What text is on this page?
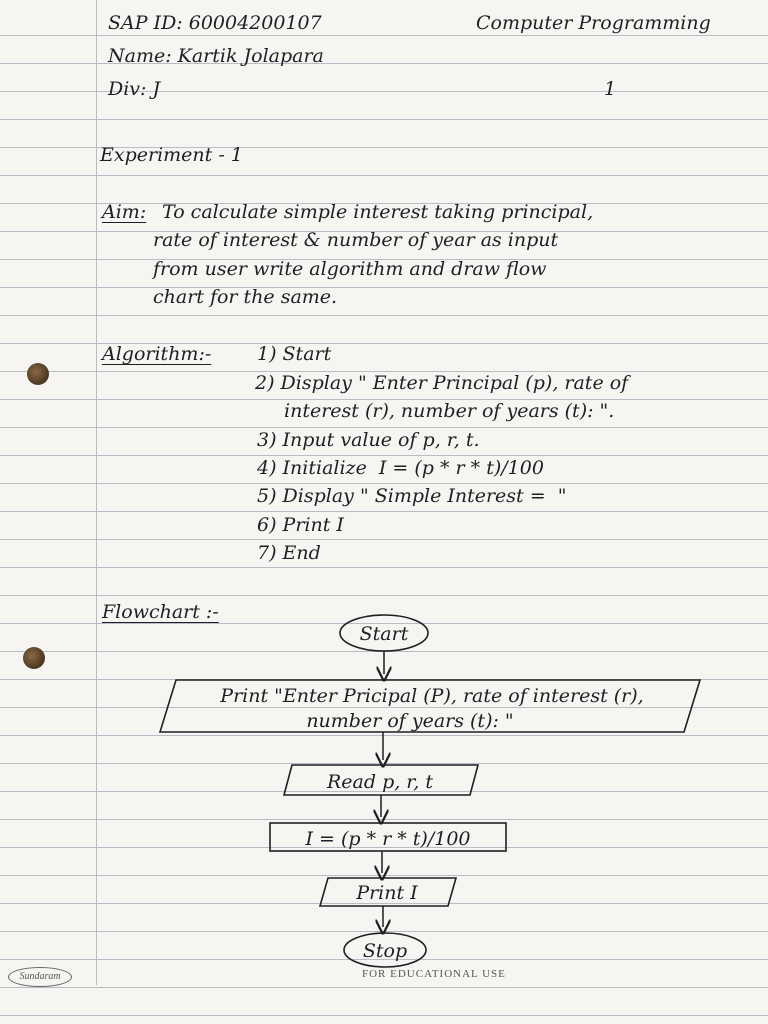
SAP ID: 60004200107	Computer Programming
Name: Kartik Jolapara
Div: J	1
Experiment - 1
Aim: To calculate simple interest taking principal,
rate of interest & number of year as input
from user write algorithm and draw flow
chart for the same.
Algorithm:- 1) Start
2) Display " Enter Principal (p), rate of
interest (r), number of years (t): ".
3) Input value of p, r, t.
4) Initialize  I = (p * r * t)/100
5) Display " Simple Interest =  "
6) Print I
7) End
Flowchart :-
Start
Print "Enter Pricipal (P), rate of interest (r),
number of years (t): "
Read p, r, t
I = (p * r * t)/100
Print I
Stop
Sundaram	FOR EDUCATIONAL USE
